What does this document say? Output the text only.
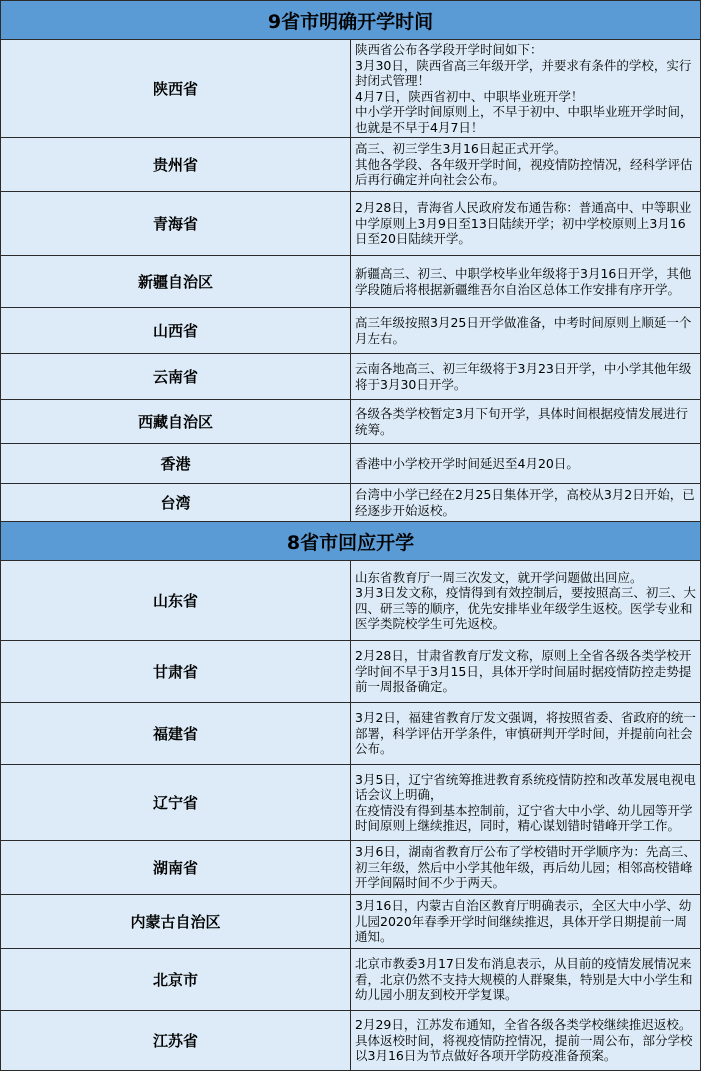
9省市明确开学时间	
陕西省	陕西省公布各学段开学时间如下：
3月30日，陕西省高三年级开学，并要求有条件的学校，实行封闭式管理！
4月7日，陕西省初中、中职毕业班开学！
中小学开学时间原则上，不早于初中、中职毕业班开学时间，也就是不早于4月7日！

贵州省	高三、初三学生3月16日起正式开学。
其他各学段、各年级开学时间，视疫情防控情况，经科学评估后再行确定并向社会公布。

青海省	2月28日，青海省人民政府发布通告称：普通高中、中等职业中学原则上3月9日至13日陆续开学；初中学校原则上3月16日至20日陆续开学。

新疆自治区	新疆高三、初三、中职学校毕业年级将于3月16日开学，其他学段随后将根据新疆维吾尔自治区总体工作安排有序开学。

山西省	高三年级按照3月25日开学做准备，中考时间原则上顺延一个月左右。

云南省	云南各地高三、初三年级将于3月23日开学，中小学其他年级将于3月30日开学。

西藏自治区	各级各类学校暂定3月下旬开学，具体时间根据疫情发展进行统筹。

香港	香港中小学校开学时间延迟至4月20日。

台湾	台湾中小学已经在2月25日集体开学，高校从3月2日开始，已经逐步开始返校。

8省市回应开学	
山东省	山东省教育厅一周三次发文，就开学问题做出回应。
3月3日发文称，疫情得到有效控制后，要按照高三、初三、大四、研三等的顺序，优先安排毕业年级学生返校。医学专业和医学类院校学生可先返校。

甘肃省	2月28日，甘肃省教育厅发文称，原则上全省各级各类学校开学时间不早于3月15日，具体开学时间届时据疫情防控走势提前一周报备确定。

福建省	3月2日，福建省教育厅发文强调，将按照省委、省政府的统一部署，科学评估开学条件，审慎研判开学时间，并提前向社会公布。

辽宁省	3月5日，辽宁省统筹推进教育系统疫情防控和改革发展电视电话会议上明确，
在疫情没有得到基本控制前，辽宁省大中小学、幼儿园等开学时间原则上继续推迟，同时，精心谋划错时错峰开学工作。

湖南省	3月6日，湖南省教育厅公布了学校错时开学顺序为：先高三、初三年级，然后中小学其他年级，再后幼儿园；相邻高校错峰开学间隔时间不少于两天。

内蒙古自治区	3月16日，内蒙古自治区教育厅明确表示，全区大中小学、幼儿园2020年春季开学时间继续推迟，具体开学日期提前一周通知。

北京市	北京市教委3月17日发布消息表示，从目前的疫情发展情况来看，北京仍然不支持大规模的人群聚集，特别是大中小学生和幼儿园小朋友到校开学复课。

江苏省	2月29日，江苏发布通知，全省各级各类学校继续推迟返校。
具体返校时间，将视疫情防控情况，提前一周公布，部分学校以3月16日为节点做好各项开学防疫准备预案。
